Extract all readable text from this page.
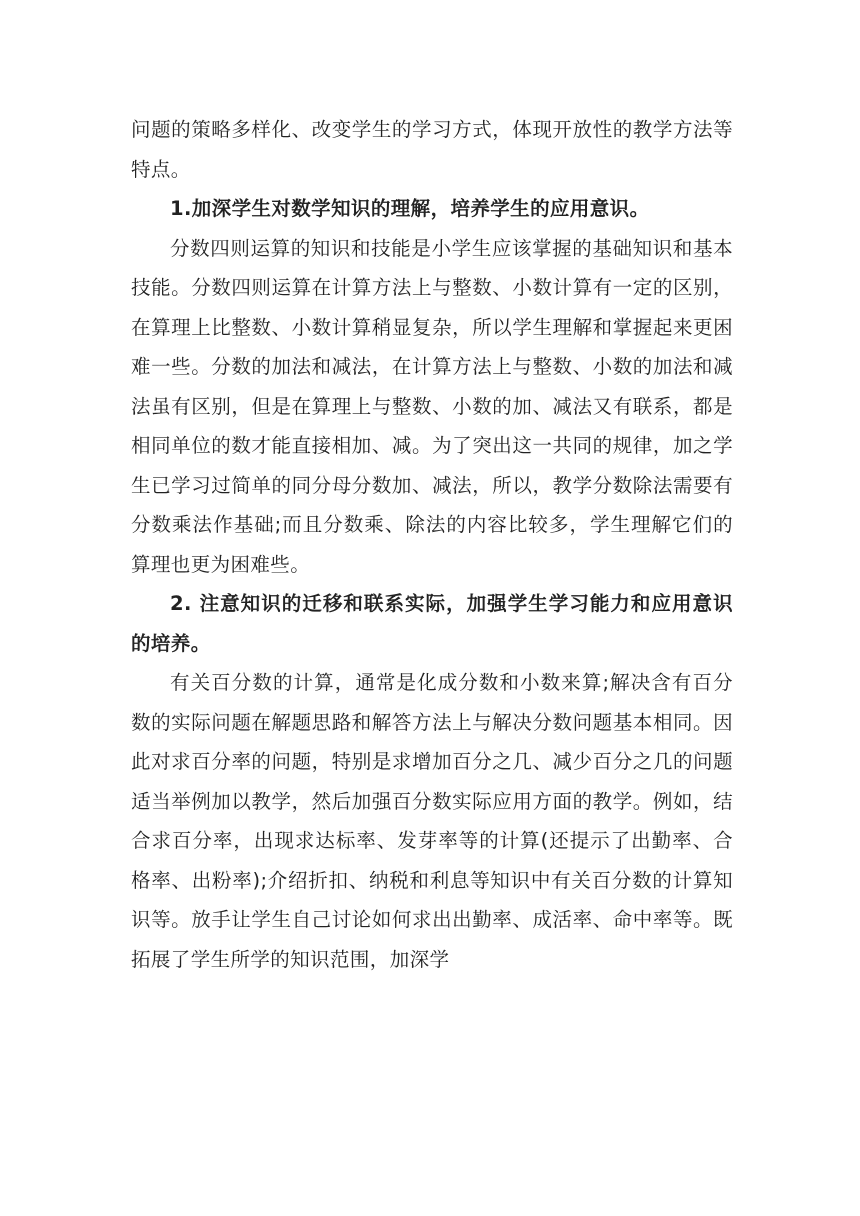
问题的策略多样化、改变学生的学习方式，体现开放性的教学方法等特点。

1.加深学生对数学知识的理解，培养学生的应用意识。

分数四则运算的知识和技能是小学生应该掌握的基础知识和基本技能。分数四则运算在计算方法上与整数、小数计算有一定的区别，在算理上比整数、小数计算稍显复杂，所以学生理解和掌握起来更困难一些。分数的加法和减法，在计算方法上与整数、小数的加法和减法虽有区别，但是在算理上与整数、小数的加、减法又有联系，都是相同单位的数才能直接相加、减。为了突出这一共同的规律，加之学生已学习过简单的同分母分数加、减法，所以，教学分数除法需要有分数乘法作基础;而且分数乘、除法的内容比较多，学生理解它们的算理也更为困难些。

2. 注意知识的迁移和联系实际，加强学生学习能力和应用意识的培养。

有关百分数的计算，通常是化成分数和小数来算;解决含有百分数的实际问题在解题思路和解答方法上与解决分数问题基本相同。因此对求百分率的问题，特别是求增加百分之几、减少百分之几的问题适当举例加以教学，然后加强百分数实际应用方面的教学。例如，结合求百分率，出现求达标率、发芽率等的计算(还提示了出勤率、合格率、出粉率);介绍折扣、纳税和利息等知识中有关百分数的计算知识等。放手让学生自己讨论如何求出出勤率、成活率、命中率等。既拓展了学生所学的知识范围，加深学
